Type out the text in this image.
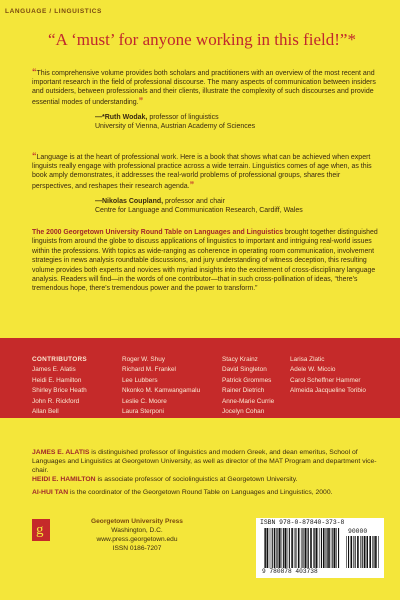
LANGUAGE / LINGUISTICS
“A ‘must’ for anyone working in this field!”*
“This comprehensive volume provides both scholars and practitioners with an overview of the most recent and important research in the field of professional discourse. The many aspects of communication between insiders and outsiders, between professionals and their clients, illustrate the complexity of such discourses and provide essential modes of understanding.”
—*Ruth Wodak, professor of linguistics
University of Vienna, Austrian Academy of Sciences
“Language is at the heart of professional work. Here is a book that shows what can be achieved when expert linguists really engage with professional practice across a wide terrain. Linguistics comes of age when, as this book amply demonstrates, it addresses the real-world problems of professional groups, shares their perspectives, and reshapes their research agenda.”
—Nikolas Coupland, professor and chair
Centre for Language and Communication Research, Cardiff, Wales
The 2000 Georgetown University Round Table on Languages and Linguistics brought together distinguished linguists from around the globe to discuss applications of linguistics to important and intriguing real-world issues within the professions. With topics as wide-ranging as coherence in operating room communication, involvement strategies in news analysis roundtable discussions, and jury understanding of witness deception, this resulting volume provides both experts and novices with myriad insights into the excitement of cross-disciplinary language analysis. Readers will find—in the words of one contributor—that in such cross-pollination of ideas, “there’s tremendous hope, there’s tremendous power and the power to transform.”
CONTRIBUTORS
James E. Alatis
Heidi E. Hamilton
Shirley Brice Heath
John R. Rickford
Allan Bell
Roger W. Shuy
Richard M. Frankel
Lee Lubbers
Nkonko M. Kamwangamalu
Leslie C. Moore
Laura Sterponi
Stacy Krainz
David Singleton
Patrick Grommes
Rainer Dietrich
Anne-Marie Currie
Jocelyn Cohan
Larisa Zlatic
Adele W. Miccio
Carol Scheffner Hammer
Almeida Jacqueline Toribio
JAMES E. ALATIS is distinguished professor of linguistics and modern Greek, and dean emeritus, School of Languages and Linguistics at Georgetown University, as well as director of the MAT Program and department vice-chair.
HEIDI E. HAMILTON is associate professor of sociolinguistics at Georgetown University.
AI-HUI TAN is the coordinator of the Georgetown Round Table on Languages and Linguistics, 2000.
g
Georgetown University Press
Washington, D.C.
www.press.georgetown.edu
ISSN 0186-7207
ISBN 978-0-87840-373-8
90000
9 780878 403738
